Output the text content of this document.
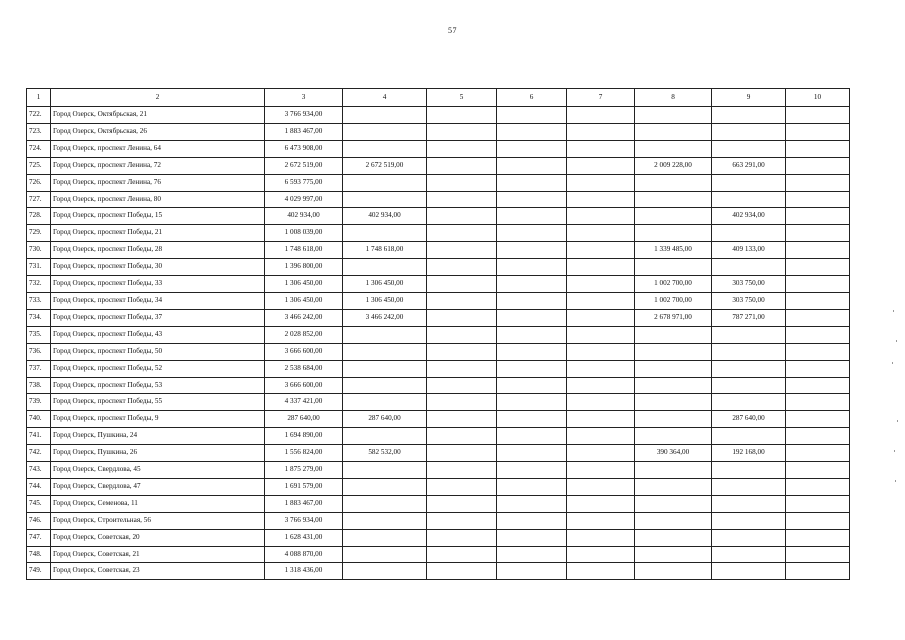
57
1	2	3	4	5	6	7	8	9	10
722.	Город Озерск, Октябрьская, 21	3 766 934,00							
723.	Город Озерск, Октябрьская, 26	1 883 467,00							
724.	Город Озерск, проспект Ленина, 64	6 473 908,00							
725.	Город Озерск, проспект Ленина, 72	2 672 519,00	2 672 519,00				2 009 228,00	663 291,00	
726.	Город Озерск, проспект Ленина, 76	6 593 775,00							
727.	Город Озерск, проспект Ленина, 80	4 029 997,00							
728.	Город Озерск, проспект Победы, 15	402 934,00	402 934,00					402 934,00	
729.	Город Озерск, проспект Победы, 21	1 008 039,00							
730.	Город Озерск, проспект Победы, 28	1 748 618,00	1 748 618,00				1 339 485,00	409 133,00	
731.	Город Озерск, проспект Победы, 30	1 396 800,00							
732.	Город Озерск, проспект Победы, 33	1 306 450,00	1 306 450,00				1 002 700,00	303 750,00	
733.	Город Озерск, проспект Победы, 34	1 306 450,00	1 306 450,00				1 002 700,00	303 750,00	
734.	Город Озерск, проспект Победы, 37	3 466 242,00	3 466 242,00				2 678 971,00	787 271,00	
735.	Город Озерск, проспект Победы, 43	2 028 852,00							
736.	Город Озерск, проспект Победы, 50	3 666 600,00							
737.	Город Озерск, проспект Победы, 52	2 538 684,00							
738.	Город Озерск, проспект Победы, 53	3 666 600,00							
739.	Город Озерск, проспект Победы, 55	4 337 421,00							
740.	Город Озерск, проспект Победы, 9	287 640,00	287 640,00					287 640,00	
741.	Город Озерск, Пушкина, 24	1 694 890,00							
742.	Город Озерск, Пушкина, 26	1 556 824,00	582 532,00				390 364,00	192 168,00	
743.	Город Озерск, Свердлова, 45	1 875 279,00							
744.	Город Озерск, Свердлова, 47	1 691 579,00							
745.	Город Озерск, Семенова, 11	1 883 467,00							
746.	Город Озерск, Строительная, 56	3 766 934,00							
747.	Город Озерск, Советская, 20	1 628 431,00							
748.	Город Озерск, Советская, 21	4 088 870,00							
749.	Город Озерск, Советская, 23	1 318 436,00							
